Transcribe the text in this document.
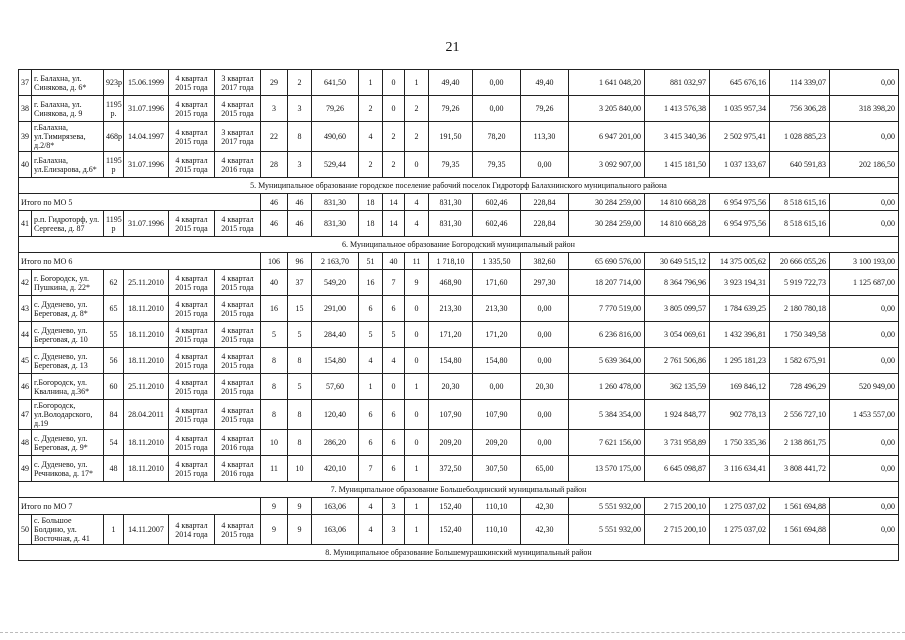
21
37	г. Балахна, ул. Синякова, д. 6*	923р	15.06.1999	4 квартал 2015 года	3 квартал 2017 года	29	2	641,50	1	0	1	49,40	0,00	49,40	1 641 048,20	881 032,97	645 676,16	114 339,07	0,00
38	г. Балахна, ул. Синякова, д. 9	1195 р.	31.07.1996	4 квартал 2015 года	4 квартал 2015 года	3	3	79,26	2	0	2	79,26	0,00	79,26	3 205 840,00	1 413 576,38	1 035 957,34	756 306,28	318 398,20
39	г.Балахна, ул.Тимирязева, д.2/8*	468р	14.04.1997	4 квартал 2015 года	3 квартал 2017 года	22	8	490,60	4	2	2	191,50	78,20	113,30	6 947 201,00	3 415 340,36	2 502 975,41	1 028 885,23	0,00
40	г.Балахна, ул.Елизарова, д.6*	1195 р	31.07.1996	4 квартал 2015 года	4 квартал 2016 года	28	3	529,44	2	2	0	79,35	79,35	0,00	3 092 907,00	1 415 181,50	1 037 133,67	640 591,83	202 186,50
5. Муниципальное образование городское поселение рабочий поселок Гидроторф Балахнинского муниципального района																			
Итого по МО 5						46	46	831,30	18	14	4	831,30	602,46	228,84	30 284 259,00	14 810 668,28	6 954 975,56	8 518 615,16	0,00
41	р.п. Гидроторф, ул. Сергеева, д. 87	1195 р	31.07.1996	4 квартал 2015 года	4 квартал 2015 года	46	46	831,30	18	14	4	831,30	602,46	228,84	30 284 259,00	14 810 668,28	6 954 975,56	8 518 615,16	0,00
6. Муниципальное образование Богородский муниципальный район																			
Итого по МО 6						106	96	2 163,70	51	40	11	1 718,10	1 335,50	382,60	65 690 576,00	30 649 515,12	14 375 005,62	20 666 055,26	3 100 193,00
42	г. Богородск, ул. Пушкина, д. 22*	62	25.11.2010	4 квартал 2015 года	4 квартал 2015 года	40	37	549,20	16	7	9	468,90	171,60	297,30	18 207 714,00	8 364 796,96	3 923 194,31	5 919 722,73	1 125 687,00
43	с. Дуденево, ул. Береговая, д. 8*	65	18.11.2010	4 квартал 2015 года	4 квартал 2015 года	16	15	291,00	6	6	0	213,30	213,30	0,00	7 770 519,00	3 805 099,57	1 784 639,25	2 180 780,18	0,00
44	с. Дуденево, ул. Береговая, д. 10	55	18.11.2010	4 квартал 2015 года	4 квартал 2015 года	5	5	284,40	5	5	0	171,20	171,20	0,00	6 236 816,00	3 054 069,61	1 432 396,81	1 750 349,58	0,00
45	с. Дуденево, ул. Береговая, д. 13	56	18.11.2010	4 квартал 2015 года	4 квартал 2015 года	8	8	154,80	4	4	0	154,80	154,80	0,00	5 639 364,00	2 761 506,86	1 295 181,23	1 582 675,91	0,00
46	г.Богородск, ул. Квалнина, д.36*	60	25.11.2010	4 квартал 2015 года	4 квартал 2015 года	8	5	57,60	1	0	1	20,30	0,00	20,30	1 260 478,00	362 135,59	169 846,12	728 496,29	520 949,00
47	г.Богородск, ул.Володарского, д.19	84	28.04.2011	4 квартал 2015 года	4 квартал 2015 года	8	8	120,40	6	6	0	107,90	107,90	0,00	5 384 354,00	1 924 848,77	902 778,13	2 556 727,10	1 453 557,00
48	с. Дуденево, ул. Береговая, д. 9*	54	18.11.2010	4 квартал 2015 года	4 квартал 2016 года	10	8	286,20	6	6	0	209,20	209,20	0,00	7 621 156,00	3 731 958,89	1 750 335,36	2 138 861,75	0,00
49	с. Дуденево, ул. Речникова, д. 17*	48	18.11.2010	4 квартал 2015 года	4 квартал 2016 года	11	10	420,10	7	6	1	372,50	307,50	65,00	13 570 175,00	6 645 098,87	3 116 634,41	3 808 441,72	0,00
7. Муниципальное образование Большеболдинский муниципальный район																			
Итого по МО 7						9	9	163,06	4	3	1	152,40	110,10	42,30	5 551 932,00	2 715 200,10	1 275 037,02	1 561 694,88	0,00
50	с. Большое Болдино, ул. Восточная, д. 41	1	14.11.2007	4 квартал 2014 года	4 квартал 2015 года	9	9	163,06	4	3	1	152,40	110,10	42,30	5 551 932,00	2 715 200,10	1 275 037,02	1 561 694,88	0,00
8. Муниципальное образование Большемурашкинский муниципальный район																			
